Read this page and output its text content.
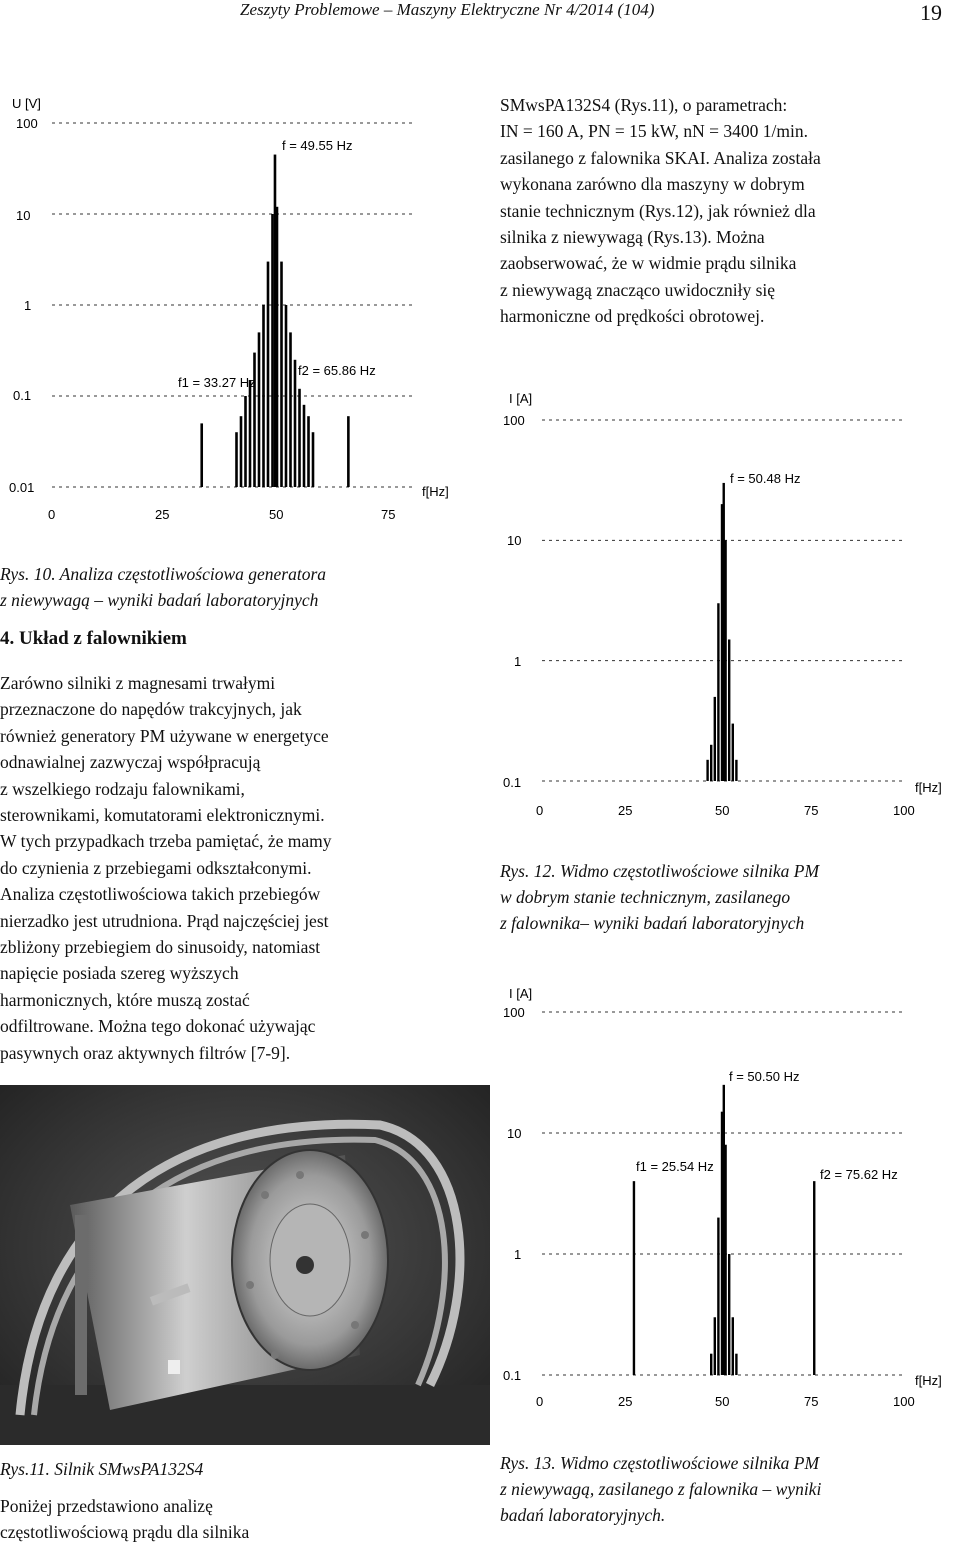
Zeszyty Problemowe – Maszyny Elektryczne Nr 4/2014 (104)	19
U [V]
100
10
1
0.1
0.01	f[Hz]
0	25	50	75
f = 49.55 Hz
f1 = 33.27 Hz
f2 = 65.86 Hz

SMwsPA132S4 (Rys.11), o parametrach:

IN = 160 A, PN = 15 kW, nN = 3400 1/min.

zasilanego z falownika SKAI. Analiza została

wykonana zarówno dla maszyny w dobrym

stanie technicznym (Rys.12), jak również dla

silnika z niewywagą (Rys.13). Można

zaobserwować, że w widmie prądu silnika

z niewywagą znacząco uwidoczniły się

harmoniczne od prędkości obrotowej.

I [A]
100
10
1
0.1	f[Hz]
0	25	50	75	100
f = 50.48 Hz
Rys. 10. Analiza częstotliwościowa generatora
z niewywagą – wyniki badań laboratoryjnych
4. Układ z falownikiem

Zarówno silniki z magnesami trwałymi

przeznaczone do napędów trakcyjnych, jak

również generatory PM używane w energetyce

odnawialnej zazwyczaj współpracują

z wszelkiego rodzaju falownikami,

sterownikami, komutatorami elektronicznymi.

W tych przypadkach trzeba pamiętać, że mamy

do czynienia z przebiegami odkształconymi.

Analiza częstotliwościowa takich przebiegów

nierzadko jest utrudniona. Prąd najczęściej jest

zbliżony przebiegiem do sinusoidy, natomiast

napięcie posiada szereg wyższych

harmonicznych, które muszą zostać

odfiltrowane. Można tego dokonać używając

pasywnych oraz aktywnych filtrów [7-9].

Rys. 12. Widmo częstotliwościowe silnika PM
w dobrym stanie technicznym, zasilanego
z falownika– wyniki badań laboratoryjnych
I [A]
100
10
1
0.1	f[Hz]
0	25	50	75	100
f = 50.50 Hz
f1 = 25.54 Hz
f2 = 75.62 Hz
Rys.11. Silnik SMwsPA132S4	Rys. 13. Widmo częstotliwościowe silnika PM
z niewywagą, zasilanego z falownika – wyniki
badań laboratoryjnych.

Poniżej przedstawiono analizę

częstotliwościową prądu dla silnika
